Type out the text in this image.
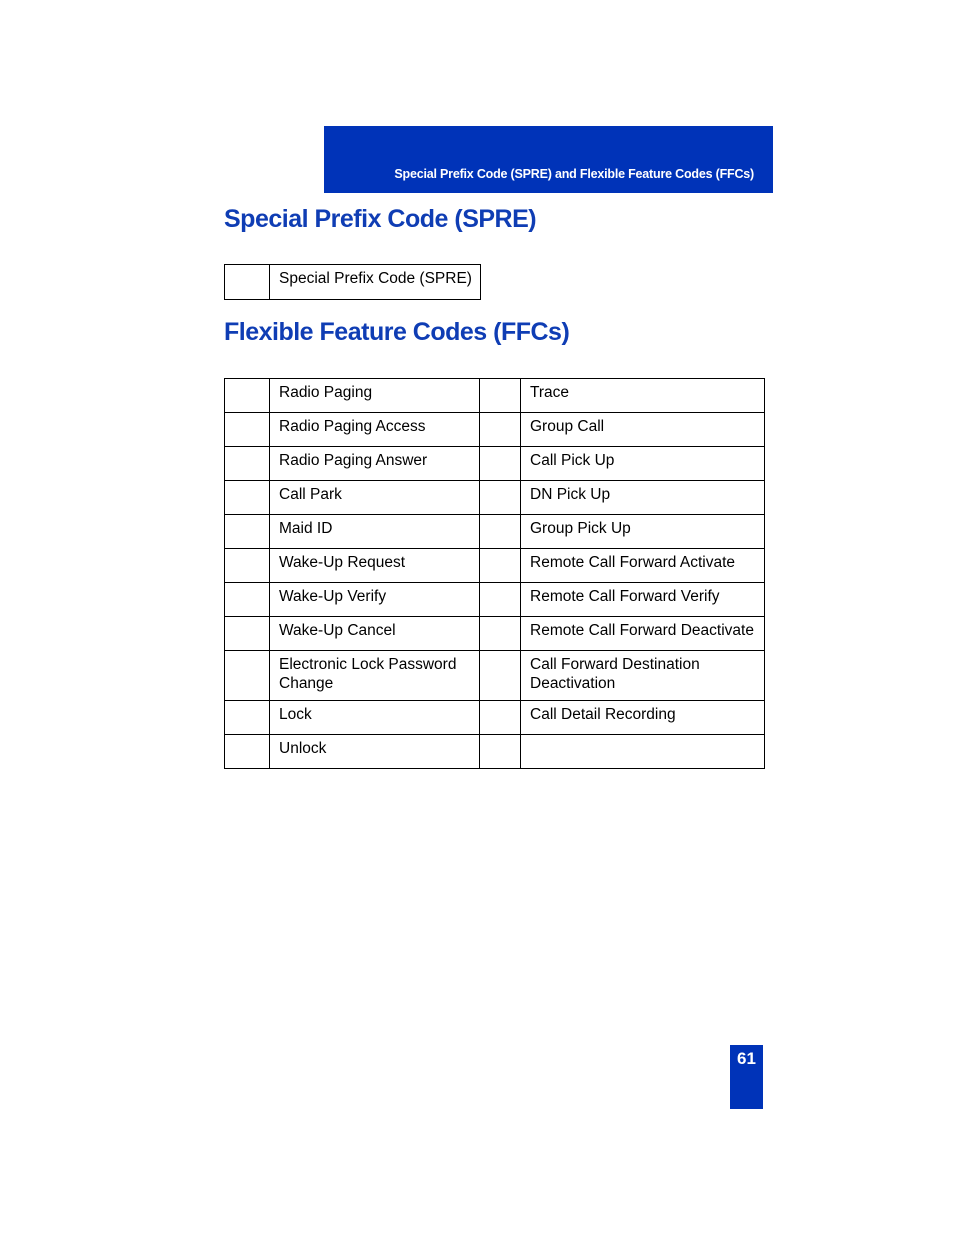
Special Prefix Code (SPRE) and Flexible Feature Codes (FFCs)
Special Prefix Code (SPRE)
	Special Prefix Code (SPRE)
Flexible Feature Codes (FFCs)
	Radio Paging		Trace
	Radio Paging Access		Group Call
	Radio Paging Answer		Call Pick Up
	Call Park		DN Pick Up
	Maid ID		Group Pick Up
	Wake-Up Request		Remote Call Forward Activate
	Wake-Up Verify		Remote Call Forward Verify
	Wake-Up Cancel		Remote Call Forward Deactivate
	Electronic Lock Password Change		Call Forward Destination Deactivation
	Lock		Call Detail Recording
	Unlock		
61
